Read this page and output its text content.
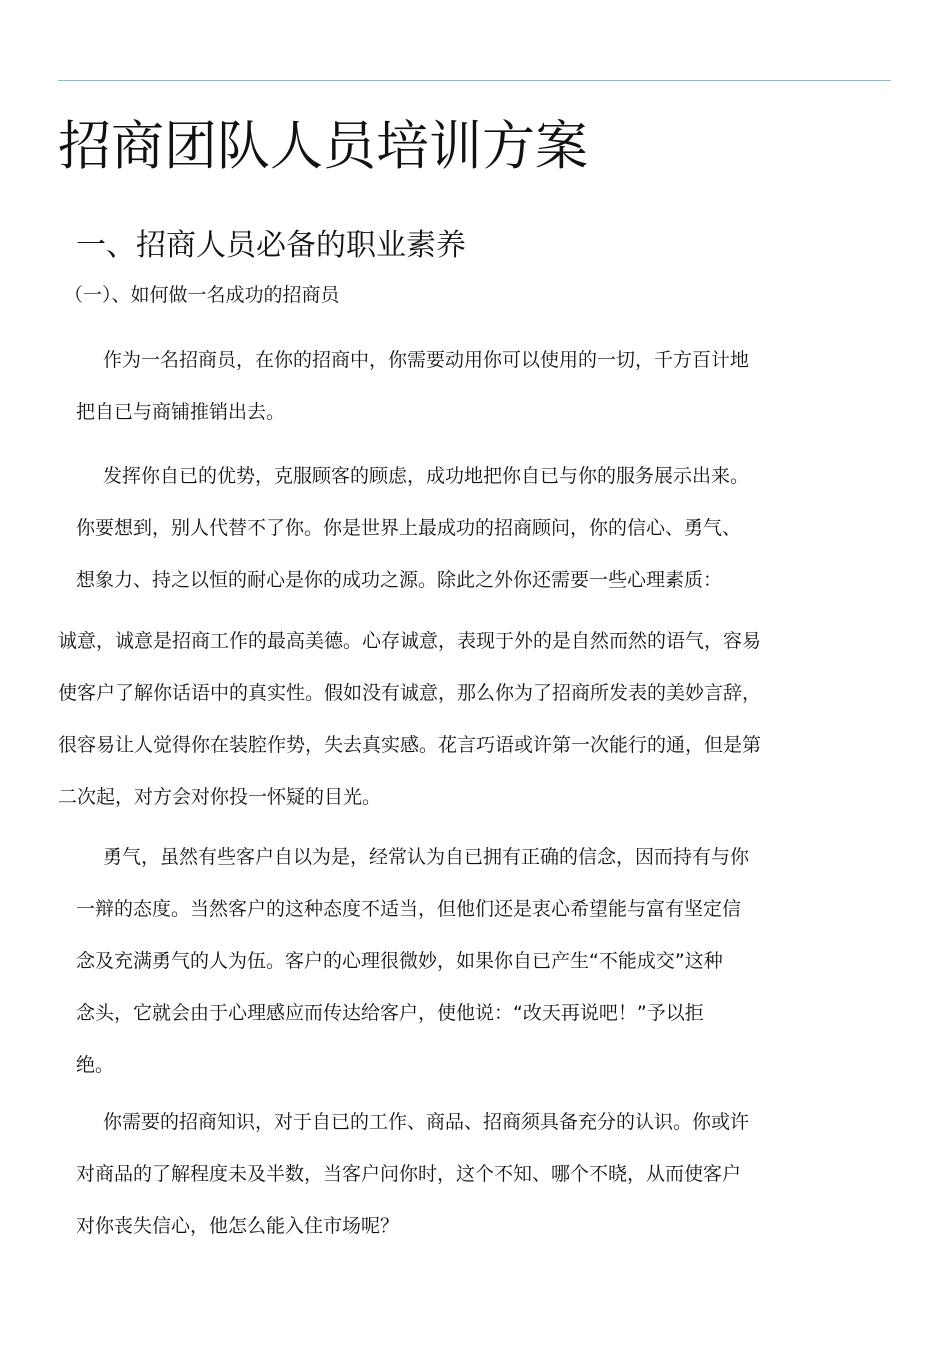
招商团队人员培训方案
一、招商人员必备的职业素养
（一）、如何做一名成功的招商员
作为一名招商员，在你的招商中，你需要动用你可以使用的一切，千方百计地
把自已与商铺推销出去。
发挥你自已的优势，克服顾客的顾虑，成功地把你自已与你的服务展示出来。
你要想到，别人代替不了你。你是世界上最成功的招商顾问，你的信心、勇气、
想象力、持之以恒的耐心是你的成功之源。除此之外你还需要一些心理素质：
诚意，诚意是招商工作的最高美德。心存诚意，表现于外的是自然而然的语气，容易
使客户了解你话语中的真实性。假如没有诚意，那么你为了招商所发表的美妙言辞，
很容易让人觉得你在装腔作势，失去真实感。花言巧语或许第一次能行的通，但是第
二次起，对方会对你投一怀疑的目光。
勇气，虽然有些客户自以为是，经常认为自已拥有正确的信念，因而持有与你
一辩的态度。当然客户的这种态度不适当，但他们还是衷心希望能与富有坚定信
念及充满勇气的人为伍。客户的心理很微妙，如果你自已产生“不能成交”这种
念头，它就会由于心理感应而传达给客户，使他说：“改天再说吧！”予以拒
绝。
你需要的招商知识，对于自已的工作、商品、招商须具备充分的认识。你或许
对商品的了解程度未及半数，当客户问你时，这个不知、哪个不晓，从而使客户
对你丧失信心，他怎么能入住市场呢？
